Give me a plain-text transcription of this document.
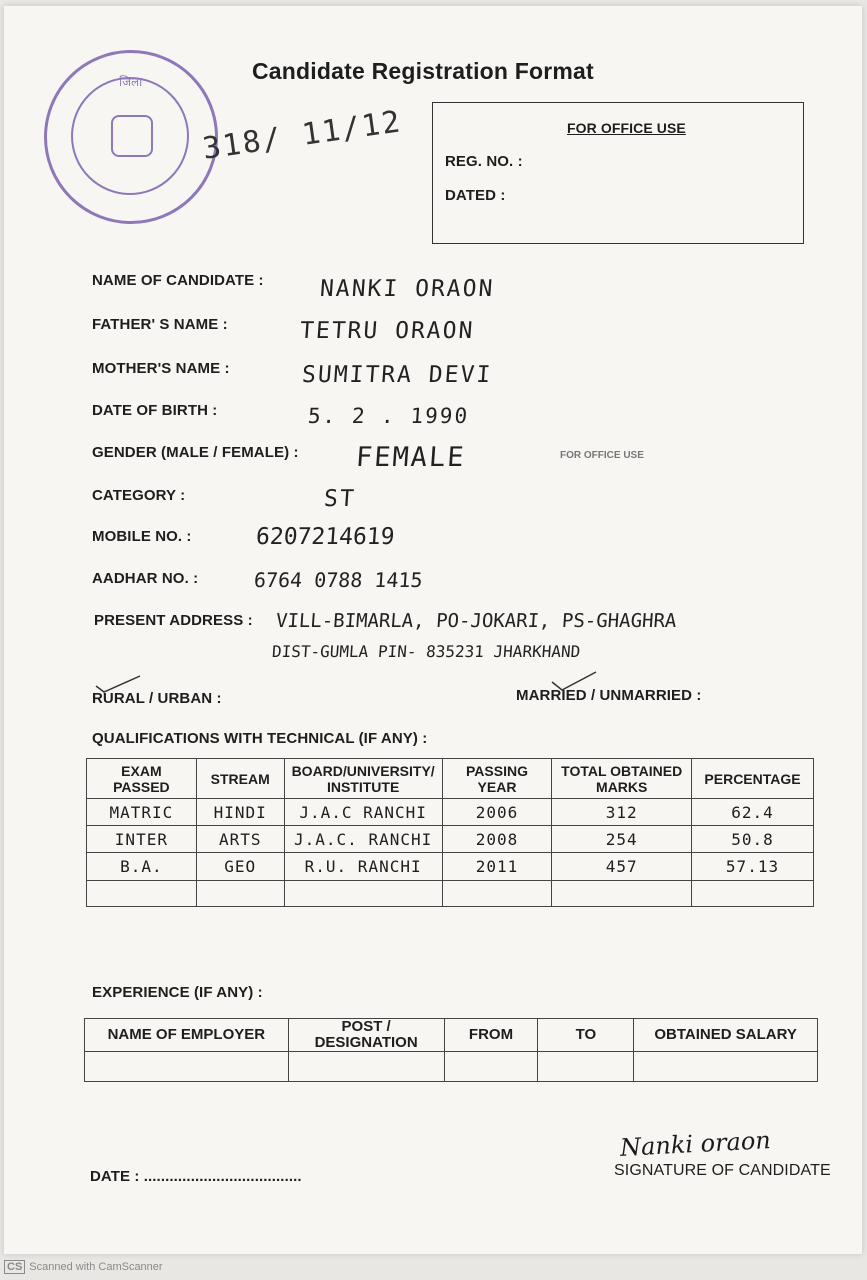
जिला
318/ 11/12
Candidate Registration Format
FOR OFFICE USE
REG. NO. :
DATED :
NAME OF CANDIDATE : NANKI ORAON
FATHER' S NAME :	TETRU ORAON
MOTHER'S NAME :	SUMITRA DEVI
DATE OF BIRTH :	5. 2 . 1990
GENDER (MALE / FEMALE) : FEMALE	FOR OFFICE USE
CATEGORY :	ST
MOBILE NO. :	6207214619
AADHAR NO. :	6764 0788 1415
PRESENT ADDRESS : VILL-BIMARLA, PO-JOKARI, PS-GHAGHRA
DIST-GUMLA PIN- 835231 JHARKHAND
RURAL / URBAN :	MARRIED / UNMARRIED :
QUALIFICATIONS WITH TECHNICAL (IF ANY) :
EXAM PASSED	STREAM	BOARD/UNIVERSITY/ INSTITUTE	PASSING YEAR	TOTAL OBTAINED MARKS	PERCENTAGE
MATRIC	HINDI	J.A.C RANCHI	2006	312	62.4
INTER	ARTS	J.A.C. RANCHI	2008	254	50.8
B.A.	GEO	R.U. RANCHI	2011	457	57.13

EXPERIENCE (IF ANY) :
NAME OF EMPLOYER	POST / DESIGNATION	FROM	TO	OBTAINED SALARY

DATE : .....................................
Nanki oraon
SIGNATURE OF CANDIDATE
CS Scanned with CamScanner
